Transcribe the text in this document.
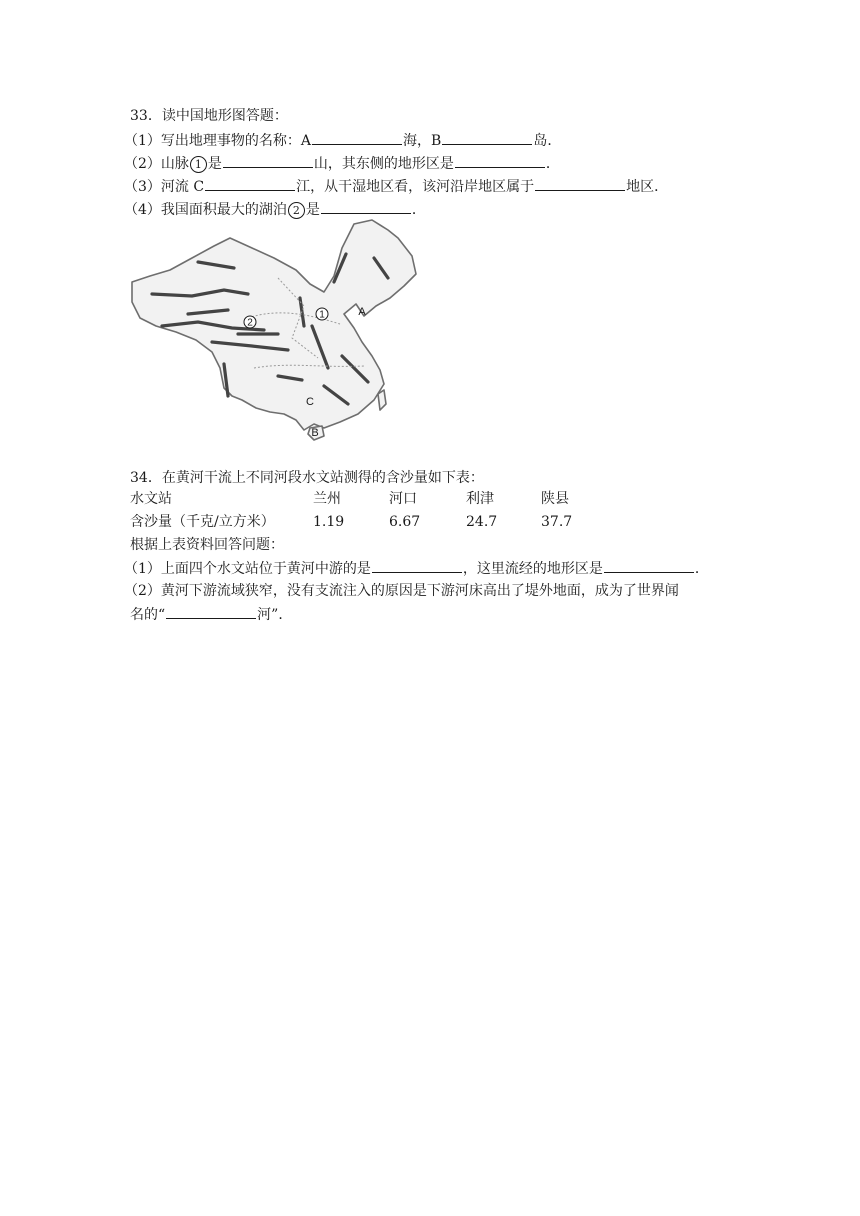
33．读中国地形图答题：
（1）写出地理事物的名称：A	海，B	岛．
（2）山脉 1 是	山，其东侧的地形区是	．
（3）河流 C	江，从干湿地区看，该河沿岸地区属于	地区．
（4）我国面积最大的湖泊 2 是	．
2
1	A
C
B
34．在黄河干流上不同河段水文站测得的含沙量如下表：
水文站	兰州	河口	利津	陕县
含沙量（千克/立方米）	1.19	6.67	24.7	37.7
根据上表资料回答问题：
（1）上面四个水文站位于黄河中游的是	，这里流经的地形区是	．
（2）黄河下游流域狭窄，没有支流注入的原因是下游河床高出了堤外地面，成为了世界闻
名的“	河”．
